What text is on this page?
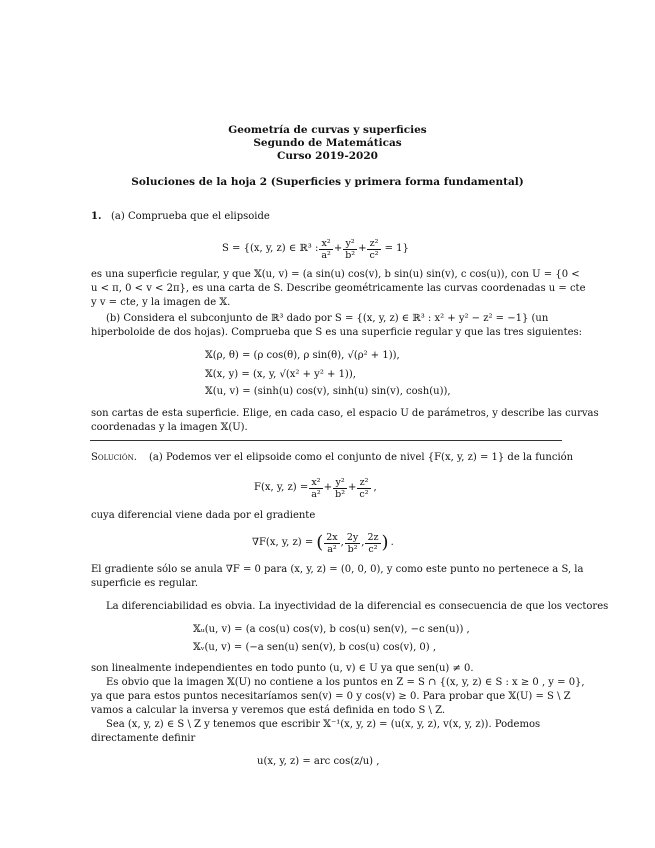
Geometría de curvas y superficies
Segundo de Matemáticas
Curso 2019-2020
Soluciones de la hoja 2 (Superficies y primera forma fundamental)
1. (a) Comprueba que el elipsoide
S = {(x, y, z) ∈ ℝ³ : $\frac{\text{x²}}{\text{a²}} + \frac{\text{y²}}{\text{b²}} + \frac{\text{z²}}{\text{c²}} = 1$}
es una superficie regular, y que 𝕏(u, v) = (a sin(u) cos(v), b sin(u) sin(v), c cos(u)), con U = {0 <
u < π, 0 < v < 2π}, es una carta de S. Describe geométricamente las curvas coordenadas u = cte
y v = cte, y la imagen de 𝕏.
(b) Considera el subconjunto de ℝ³ dado por S = {(x, y, z) ∈ ℝ³ : x² + y² − z² = −1} (un
hiperboloide de dos hojas). Comprueba que S es una superficie regular y que las tres siguientes:
𝕏(ρ, θ) = (ρ cos(θ), ρ sin(θ), √(ρ² + 1)),
𝕏(x, y) = (x, y, √(x² + y² + 1)),
𝕏(u, v) = (sinh(u) cos(v), sinh(u) sin(v), cosh(u)),
son cartas de esta superficie. Elige, en cada caso, el espacio U de parámetros, y describe las curvas
coordenadas y la imagen 𝕏(U).
Solución. (a) Podemos ver el elipsoide como el conjunto de nivel {F(x, y, z) = 1} de la función
F(x, y, $z) = \frac{\text{x²}}{\text{a²}} + \frac{\text{y²}}{\text{b²}} + \frac{\text{z²}}{\text{c²}}$ ,
cuya diferencial viene dada por el gradiente
∇F(x, y, z) = ( $\frac{2x}{\text{a²}}$ , $\frac{2y}{\text{b²}}$ , $\frac{2z}{\text{c²}}$ ) .
El gradiente sólo se anula ∇F = 0 para (x, y, z) = (0, 0, 0), y como este punto no pertenece a S, la
superficie es regular.
La diferenciabilidad es obvia. La inyectividad de la diferencial es consecuencia de que los vectores
𝕏ᵤ(u, v) = (a cos(u) cos(v), b cos(u) sen(v), −c sen(u)) ,
𝕏ᵥ(u, v) = (−a sen(u) sen(v), b cos(u) cos(v), 0) ,
son linealmente independientes en todo punto (u, v) ∈ U ya que sen(u) ≠ 0.
Es obvio que la imagen 𝕏(U) no contiene a los puntos en Z = S ∩ {(x, y, z) ∈ S : x ≥ 0 , y = 0},
ya que para estos puntos necesitaríamos sen(v) = 0 y cos(v) ≥ 0. Para probar que 𝕏(U) = S \ Z
vamos a calcular la inversa y veremos que está definida en todo S \ Z.
Sea (x, y, z) ∈ S \ Z y tenemos que escribir 𝕏⁻¹(x, y, z) = (u(x, y, z), v(x, y, z)). Podemos
directamente definir
u(x, y, z) = arc cos(z/u) ,
